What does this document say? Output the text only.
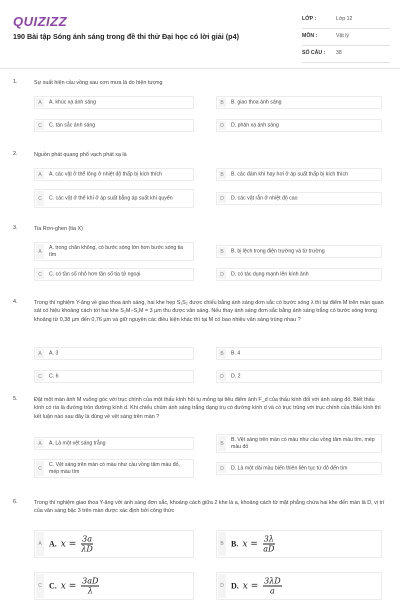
QUIZIZZ
190 Bài tập Sóng ánh sáng trong đề thi thử Đại học có lời giải (p4)
LỚP :	Lớp 12
MÔN :	Vật lý
SỐ CÂU : 38
1.	Sự xuất hiện cầu vồng sau cơn mưa là do hiện tượng
A	A. khúc xạ ánh sáng	B	B. giao thoa ánh sáng
C	C. tán sắc ánh sáng	D	D. phản xạ ánh sáng
2.	Nguồn phát quang phổ vạch phát xạ là
A	A. các vật ở thể lỏng ở nhiệt độ thấp bị kích thích	B	B. các đám khí hay hơi ở áp suất thấp bị kích thích
C	C. các vật ở thể khí ở áp suất bằng áp suất khí quyển	D	D. các vật rắn ở nhiệt độ cao
3.	Tia Rơn-ghen (tia X)
A
A. trong chân không, có bước sóng lớn hơn bước sóng tia tím	B	B. bị lệch trong điện trường và từ trường
C	C. có tần số nhỏ hơn tần số tia tử ngoại	D	D. có tác dụng mạnh lên kính ảnh
4.	Trong thí nghiệm Y-âng về giao thoa ánh sáng, hai khe hẹp S₁S₂ được chiếu bằng ánh sáng đơn sắc có bước sóng λ thì tại điểm M trên màn quan sát có hiệu khoảng cách tới hai khe S₂M−S₁M = 3 µm thu được vân sáng. Nếu thay ánh sáng đơn sắc bằng ánh sáng trắng có bước sóng trong khoảng từ 0,38 µm đến 0,76 µm và giữ nguyên các điều kiện khác thì tại M có bao nhiêu vân sáng trùng nhau ?
A	A. 3	B	B. 4
C	C. 6	D	D. 2
5.	Đặt một màn ảnh M vuông góc với trục chính của một thấu kính hội tụ mỏng tại tiêu điểm ảnh F_d của thấu kính đối với ánh sáng đỏ. Biết thấu kính có rìa là đường tròn đường kính d. Khi chiếu chùm ánh sáng trắng dạng trụ có đường kính d và có trục trùng với trục chính của thấu kính thì kết luận nào sau đây là đúng về vệt sáng trên màn ?
A	A. Là một vệt sáng trắng	B
B. Vệt sáng trên màn có màu như cầu vồng tâm màu tím, mép màu đỏ
C
C. Vệt sáng trên màn có màu như cầu vồng tâm màu đỏ, mép màu tím	D	D. Là một dải màu biến thiên liên tục từ đỏ đến tím
6.	Trong thí nghiệm giao thoa Y-âng với ánh sáng đơn sắc, khoảng cách giữa 2 khe là a, khoảng cách từ mặt phẳng chứa hai khe đến màn là D, vị trí của vân sáng bậc 3 trên màn được xác định bởi công thức
A A. $x = \frac{3a}{\lambda D}$	B B. $x = \frac{3\lambda}{aD}$
C C. $x = \frac{3aD}{\lambda}$	D D. $x = \frac{3\lambda D}{a}$
